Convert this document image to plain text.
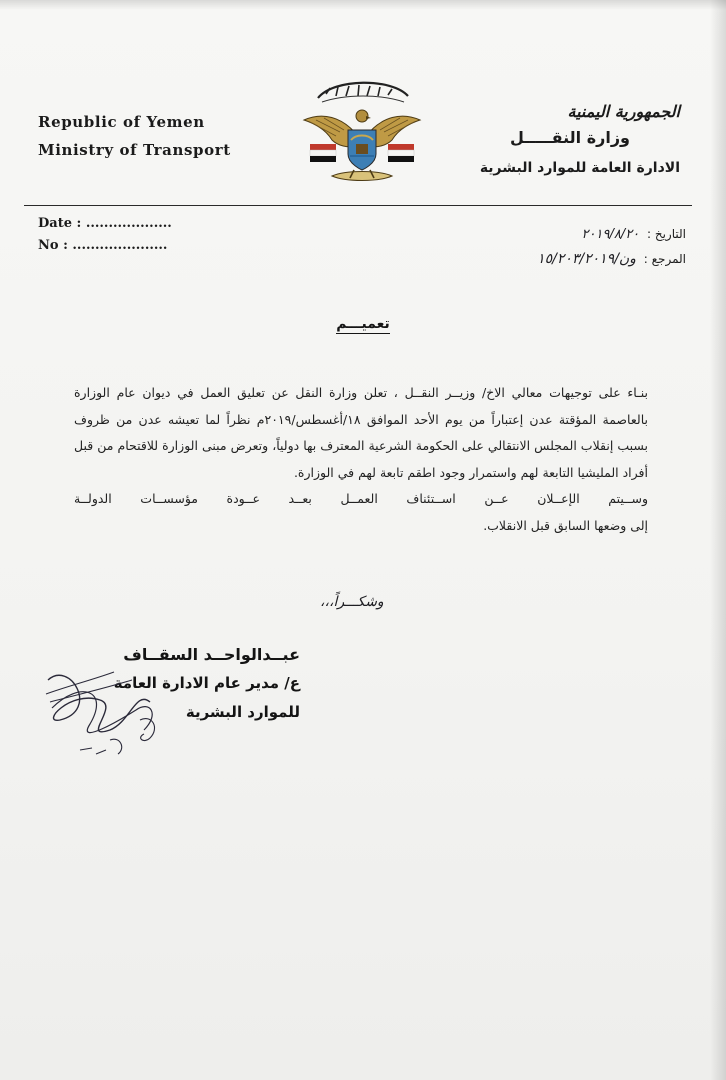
Republic of Yemen
Ministry of Transport
الجمهورية اليمنية
وزارة النقـــــل
الادارة العامة للموارد البشرية
Date : ...................
No : .....................
التاريخ : ٢٠١٩/٨/٢٠
المرجع : ون/١٥/٢٠٣/٢٠١٩
تعميـــم

بنـاء على توجيهات معالي الاخ/ وزيــر النقــل ، تعلن وزارة النقل عن تعليق العمل في ديوان عام الوزارة بالعاصمة المؤقتة عدن إعتباراً من يوم الأحد الموافق ١٨/أغسطس/٢٠١٩م نظراً لما تعيشه عدن من ظروف بسبب إنقلاب المجلس الانتقالي على الحكومة الشرعية المعترف بها دولياً، وتعرض مبنى الوزارة للاقتحام من قبل أفراد المليشيا التابعة لهم واستمرار وجود اطقم تابعة لهم في الوزارة.

وســيتم الإعــلان عــن اســتئناف العمــل بعــد عــودة مؤسســات الدولــة

إلى وضعها السابق قبل الانقلاب.

وشكـــراً،،،
عبــدالواحــد السقــاف
ع/ مدير عام الادارة العامة
للموارد البشرية
